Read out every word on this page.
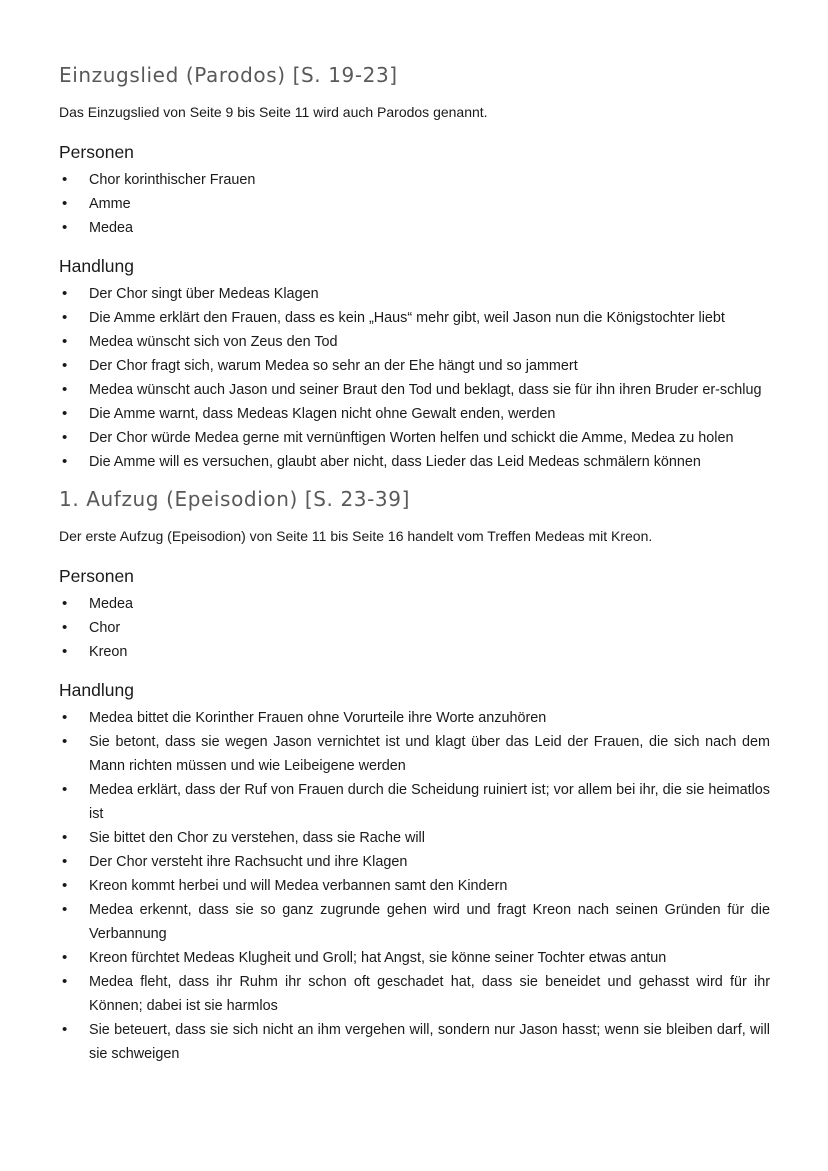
Einzugslied (Parodos) [S. 19-23]

Das Einzugslied von Seite 9 bis Seite 11 wird auch Parodos genannt.

Personen
• Chor korinthischer Frauen
• Amme
• Medea
Handlung
• Der Chor singt über Medeas Klagen
• Die Amme erklärt den Frauen, dass es kein „Haus“ mehr gibt, weil Jason nun die Königstochter liebt
• Medea wünscht sich von Zeus den Tod
• Der Chor fragt sich, warum Medea so sehr an der Ehe hängt und so jammert
• Medea wünscht auch Jason und seiner Braut den Tod und beklagt, dass sie für ihn ihren Bruder er-schlug
• Die Amme warnt, dass Medeas Klagen nicht ohne Gewalt enden, werden
• Der Chor würde Medea gerne mit vernünftigen Worten helfen und schickt die Amme, Medea zu holen
• Die Amme will es versuchen, glaubt aber nicht, dass Lieder das Leid Medeas schmälern können
1. Aufzug (Epeisodion) [S. 23-39]

Der erste Aufzug (Epeisodion) von Seite 11 bis Seite 16 handelt vom Treffen Medeas mit Kreon.

Personen
• Medea
• Chor
• Kreon
Handlung
• Medea bittet die Korinther Frauen ohne Vorurteile ihre Worte anzuhören
• Sie betont, dass sie wegen Jason vernichtet ist und klagt über das Leid der Frauen, die sich nach dem Mann richten müssen und wie Leibeigene werden
• Medea erklärt, dass der Ruf von Frauen durch die Scheidung ruiniert ist; vor allem bei ihr, die sie heimatlos ist
• Sie bittet den Chor zu verstehen, dass sie Rache will
• Der Chor versteht ihre Rachsucht und ihre Klagen
• Kreon kommt herbei und will Medea verbannen samt den Kindern
• Medea erkennt, dass sie so ganz zugrunde gehen wird und fragt Kreon nach seinen Gründen für die Verbannung
• Kreon fürchtet Medeas Klugheit und Groll; hat Angst, sie könne seiner Tochter etwas antun
• Medea fleht, dass ihr Ruhm ihr schon oft geschadet hat, dass sie beneidet und gehasst wird für ihr Können; dabei ist sie harmlos
• Sie beteuert, dass sie sich nicht an ihm vergehen will, sondern nur Jason hasst; wenn sie bleiben darf, will sie schweigen
